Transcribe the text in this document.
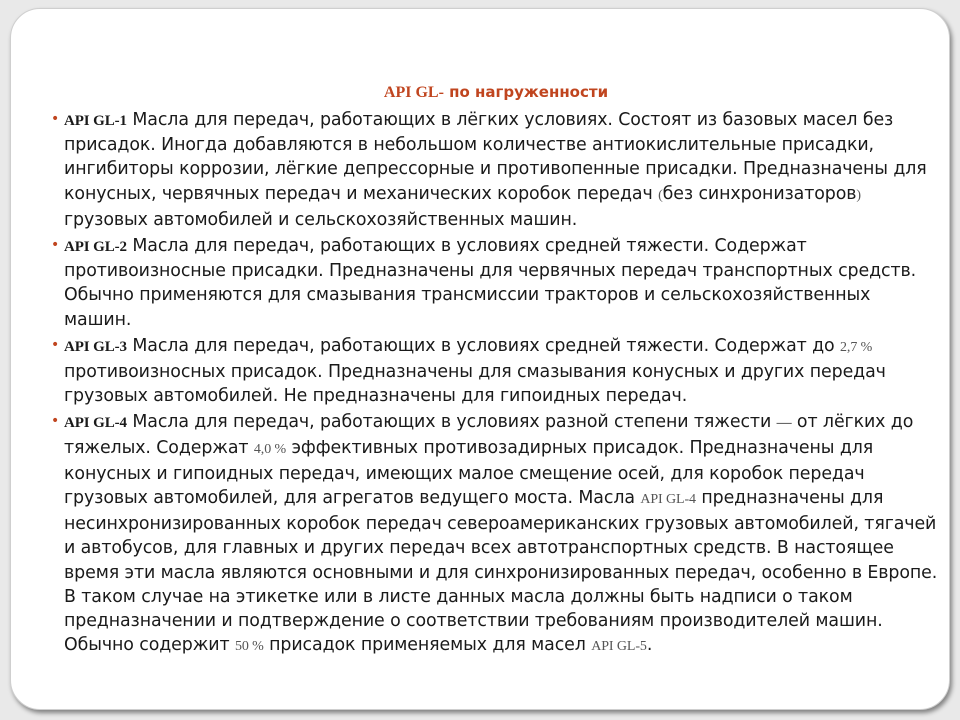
API GL- по нагруженности
• API GL-1 Масла для передач, работающих в лёгких условиях. Состоят из базовых масел без присадок. Иногда добавляются в небольшом количестве антиокислительные присадки, ингибиторы коррозии, лёгкие депрессорные и противопенные присадки. Предназначены для конусных, червячных передач и механических коробок передач (без синхронизаторов) грузовых автомобилей и сельскохозяйственных машин.
• API GL-2 Масла для передач, работающих в условиях средней тяжести. Содержат противоизносные присадки. Предназначены для червячных передач транспортных средств. Обычно применяются для смазывания трансмиссии тракторов и сельскохозяйственных машин.
• API GL-3 Масла для передач, работающих в условиях средней тяжести. Содержат до 2,7 % противоизносных присадок. Предназначены для смазывания конусных и других передач грузовых автомобилей. Не предназначены для гипоидных передач.
• API GL-4 Масла для передач, работающих в условиях разной степени тяжести — от лёгких до тяжелых. Содержат 4,0 % эффективных противозадирных присадок. Предназначены для конусных и гипоидных передач, имеющих малое смещение осей, для коробок передач грузовых автомобилей, для агрегатов ведущего моста. Масла API GL-4 предназначены для несинхронизированных коробок передач североамериканских грузовых автомобилей, тягачей и автобусов, для главных и других передач всех автотранспортных средств. В настоящее время эти масла являются основными и для синхронизированных передач, особенно в Европе. В таком случае на этикетке или в листе данных масла должны быть надписи о таком предназначении и подтверждение о соответствии требованиям производителей машин. Обычно содержит 50 % присадок применяемых для масел API GL-5.
